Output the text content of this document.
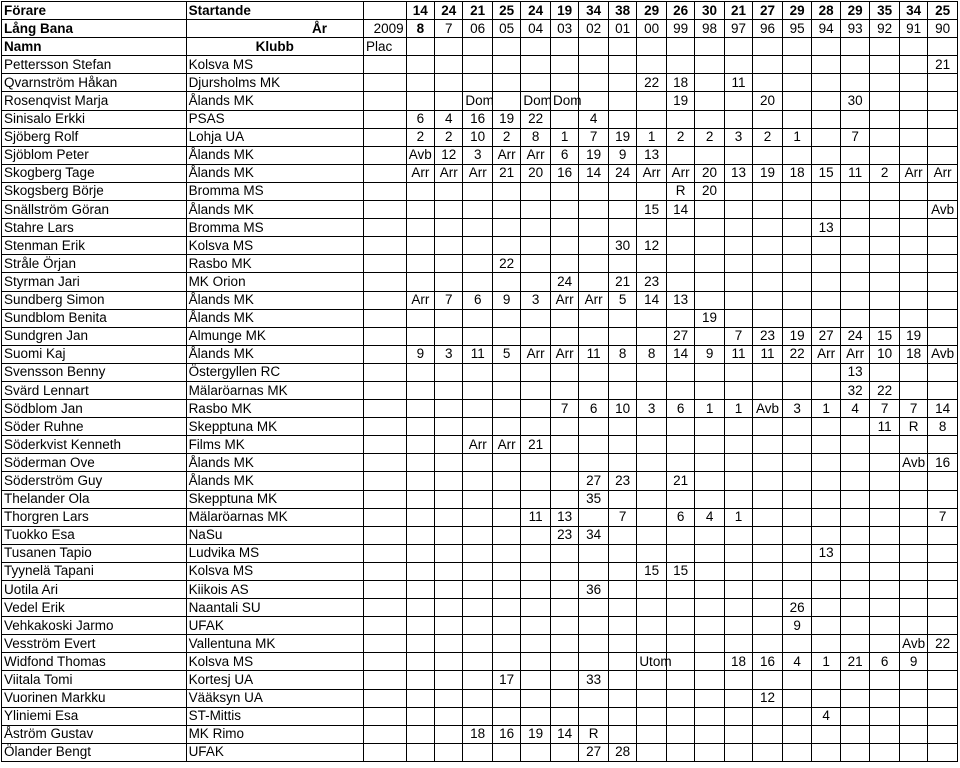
Förare	Startande		14	24	21	25	24	19	34	38	29	26	30	21	27	29	28	29	35	34	25
Lång Bana	År	2009	8	7	06	05	04	03	02	01	00	99	98	97	96	95	94	93	92	91	90
Namn	Klubb	Plac																			
Pettersson Stefan	Kolsva MS																				21
Qvarnström Håkan	Djursholms MK										22	18		11							
Rosenqvist Marja	Ålands MK				Dom		Dom	Dom				19			20			30			
Sinisalo Erkki	PSAS		6	4	16	19	22		4												
Sjöberg Rolf	Lohja UA		2	2	10	2	8	1	7	19	1	2	2	3	2	1		7			
Sjöblom Peter	Ålands MK		Avb	12	3	Arr	Arr	6	19	9	13										
Skogberg Tage	Ålands MK		Arr	Arr	Arr	21	20	16	14	24	Arr	Arr	20	13	19	18	15	11	2	Arr	Arr
Skogsberg Börje	Bromma MS											R	20								
Snällström Göran	Ålands MK										15	14									Avb
Stahre Lars	Bromma MS																13				
Stenman Erik	Kolsva MS									30	12										
Stråle Örjan	Rasbo MK					22															
Styrman Jari	MK Orion							24		21	23										
Sundberg Simon	Ålands MK		Arr	7	6	9	3	Arr	Arr	5	14	13									
Sundblom Benita	Ålands MK												19								
Sundgren Jan	Almunge MK											27		7	23	19	27	24	15	19	
Suomi Kaj	Ålands MK		9	3	11	5	Arr	Arr	11	8	8	14	9	11	11	22	Arr	Arr	10	18	Avb
Svensson Benny	Östergyllen RC																	13			
Svärd Lennart	Mälaröarnas MK																	32	22		
Södblom Jan	Rasbo MK							7	6	10	3	6	1	1	Avb	3	1	4	7	7	14
Söder Ruhne	Skepptuna MK																		11	R	8
Söderkvist Kenneth	Films MK				Arr	Arr	21														
Söderman Ove	Ålands MK																			Avb	16
Söderström Guy	Ålands MK								27	23		21									
Thelander Ola	Skepptuna MK								35												
Thorgren Lars	Mälaröarnas MK						11	13		7		6	4	1							7
Tuokko Esa	NaSu							23	34												
Tusanen Tapio	Ludvika MS																13				
Tyynelä Tapani	Kolsva MS										15	15									
Uotila Ari	Kiikois AS								36												
Vedel Erik	Naantali SU															26					
Vehkakoski Jarmo	UFAK															9					
Vesström Evert	Vallentuna MK																			Avb	22
Widfond Thomas	Kolsva MS										Utom			18	16	4	1	21	6	9	
Viitala Tomi	Kortesj UA					17			33												
Vuorinen Markku	Vääksyn UA														12						
Yliniemi Esa	ST-Mittis																4				
Åström Gustav	MK Rimo				18	16	19	14	R												
Ölander Bengt	UFAK								27	28											
